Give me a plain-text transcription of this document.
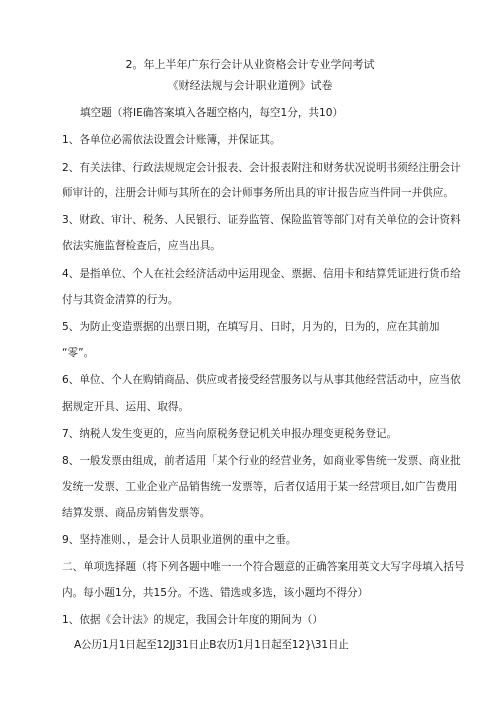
2。年上半年广东行会计从业资格会计专业学问考试
《财经法规与会计职业道例》试卷
填空题（将IE确答案填入各题空格内，每空1分，共10）
1、各单位必需依法设置会计账簿，并保证其。
2、有关法律、行政法规规定会计报表、会计报表附注和财务状况说明书须经注册会计
师审计的，注册会计师与其所在的会计师事务所出具的审计报告应当件同一并供应。
3、财政、审计、税务、人民银行、证券监管、保险监管等部门对有关单位的会计资料
依法实施监督检查后，应当出具。
4、是指单位、个人在社会经济活动中运用现金、票据、信用卡和结算凭证进行货币给
付与其资金清算的行为。
5、为防止变造票据的出票日期，在填写月、日时，月为的，日为的，应在其前加
“零”。
6、单位、个人在购销商品、供应或者接受经营服务以与从事其他经营活动中，应当依
据规定开具、运用、取得。
7、纳税人发生变更的，应当向原税务登记机关申报办理变更税务登记。
8、一般发票由组成，前者适用「某个行业的经营业务，如商业零售统一发票、商业批
发统一发票、工业企业产品销售统一发票等，后者仅适用于某一经营项目,如广告费用
结算发票、商品房销售发票等。
9、坚持准则、，是会计人员职业道例的重中之垂。
二、单项选择题（将下列各题中唯一一个符合题意的正确答案用英文大写字母填入括号
内。每小题1分，共15分。不选、错选或多选，该小题均不得分）
1、依据《会计法》的规定，我国会计年度的期间为（）
A公历1月1日起至12JJ31日止B农历1月1日起至12}\31日止
